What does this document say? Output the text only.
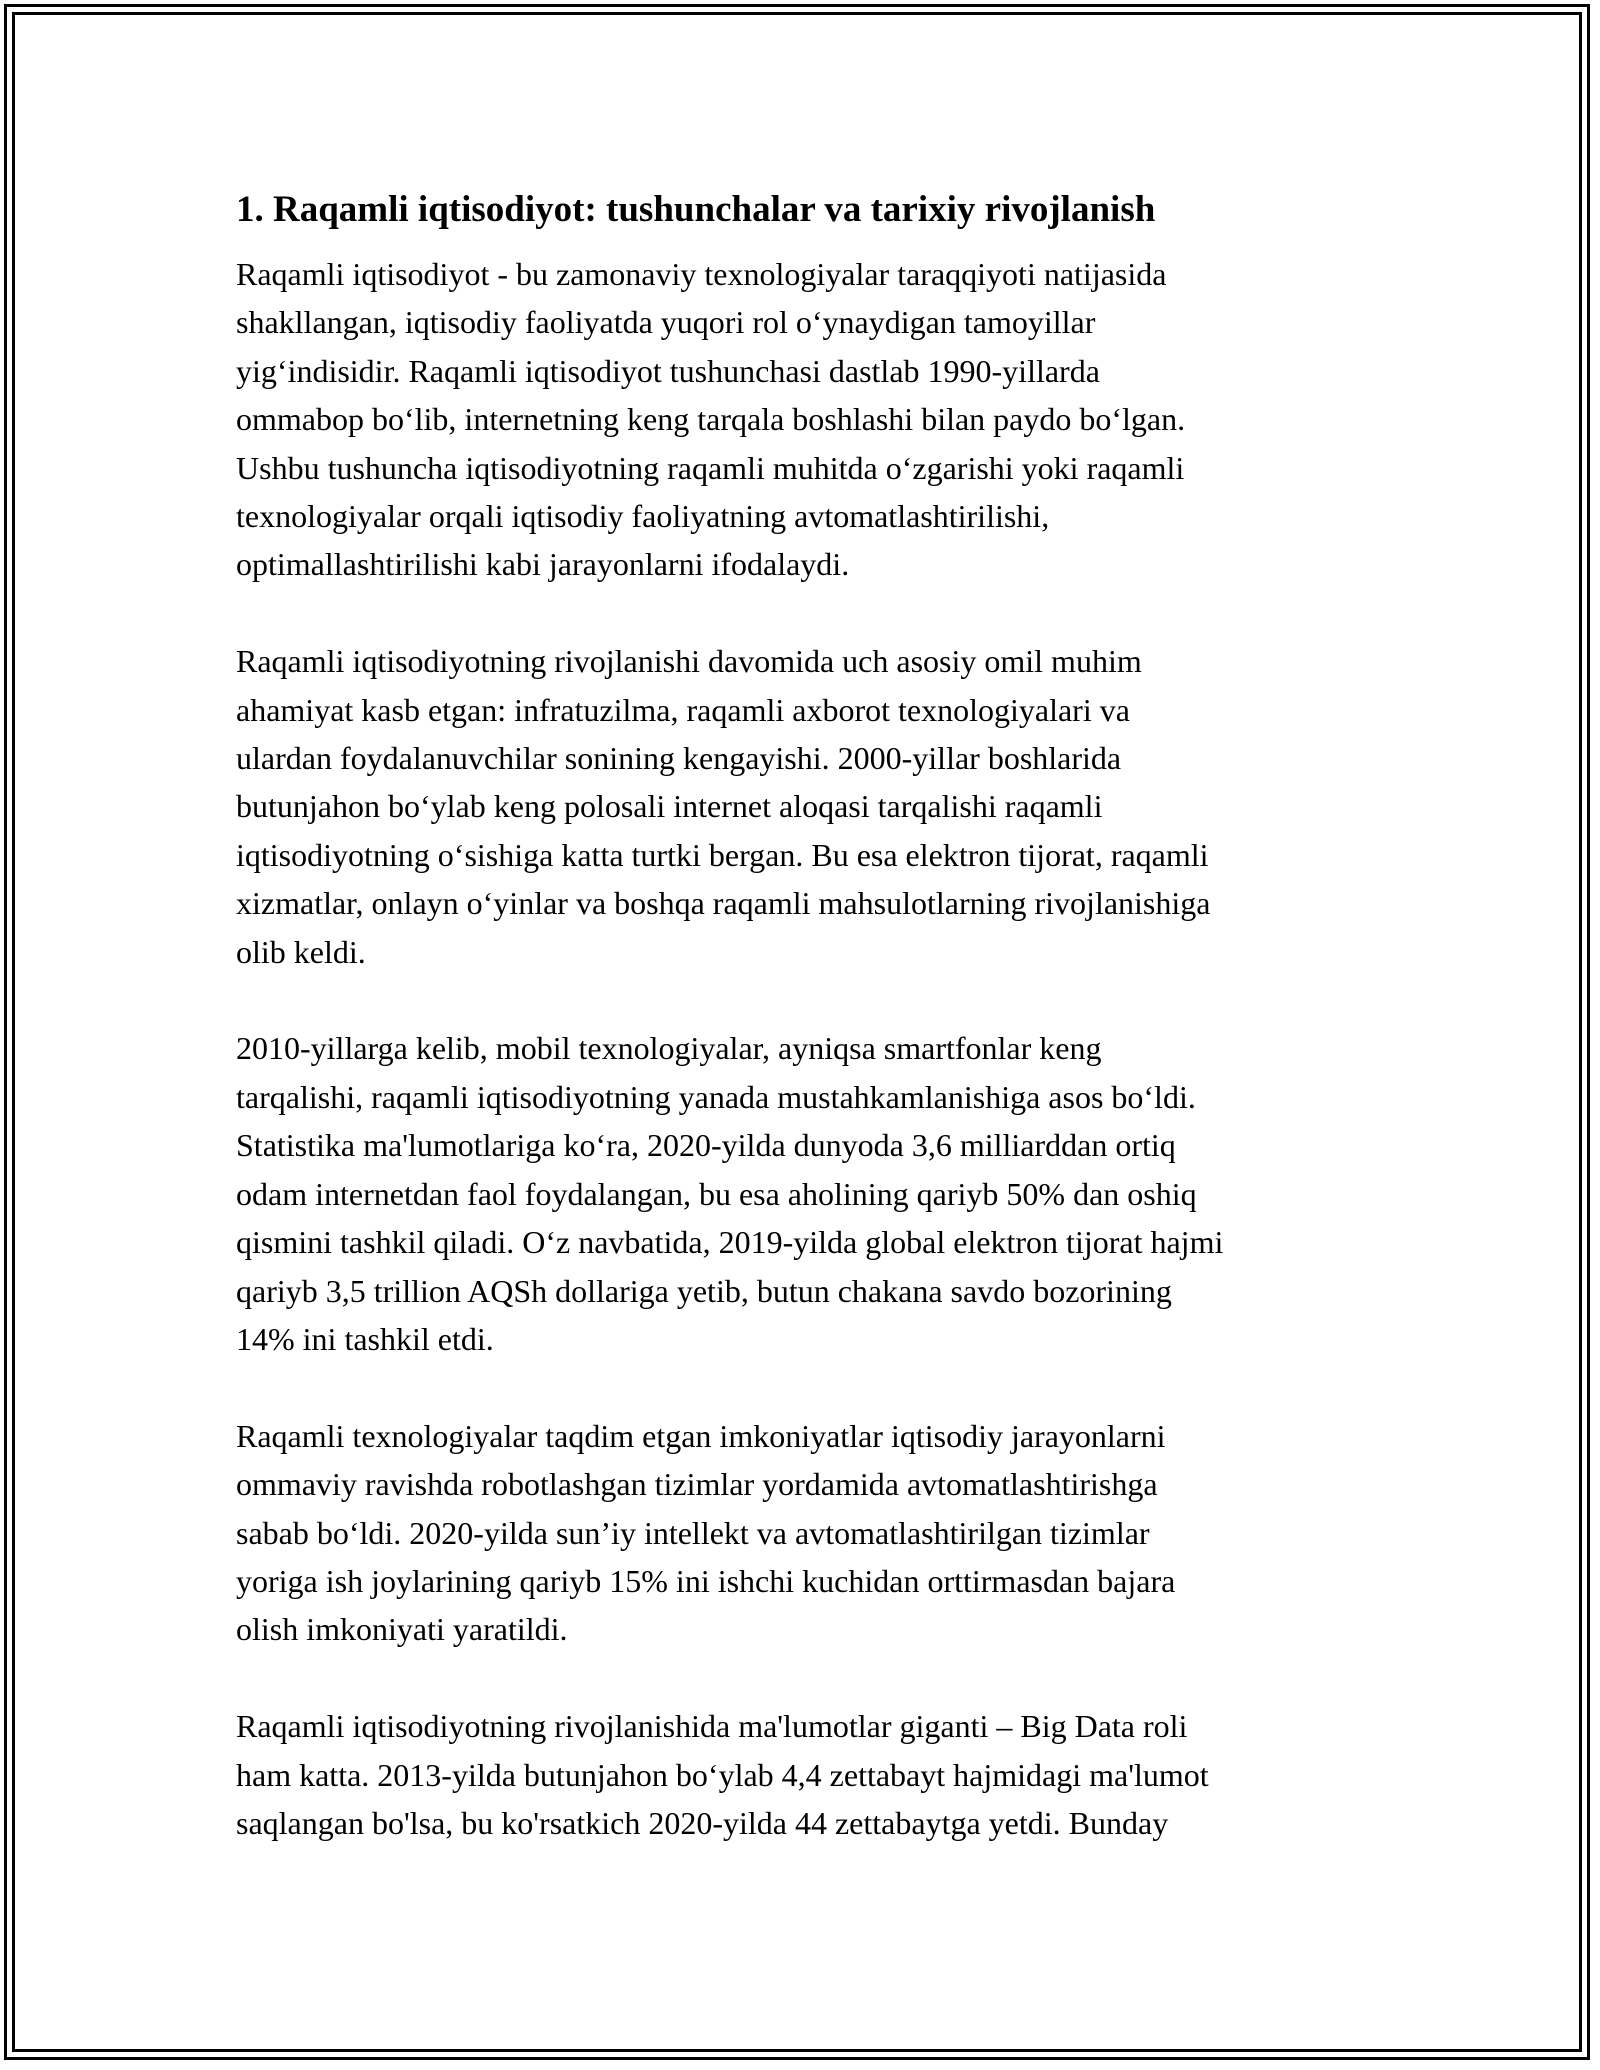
1. Raqamli iqtisodiyot: tushunchalar va tarixiy rivojlanish

Raqamli iqtisodiyot - bu zamonaviy texnologiyalar taraqqiyoti natijasida
shakllangan, iqtisodiy faoliyatda yuqori rol o‘ynaydigan tamoyillar
yig‘indisidir. Raqamli iqtisodiyot tushunchasi dastlab 1990-yillarda
ommabop bo‘lib, internetning keng tarqala boshlashi bilan paydo bo‘lgan.
Ushbu tushuncha iqtisodiyotning raqamli muhitda o‘zgarishi yoki raqamli
texnologiyalar orqali iqtisodiy faoliyatning avtomatlashtirilishi,
optimallashtirilishi kabi jarayonlarni ifodalaydi.

Raqamli iqtisodiyotning rivojlanishi davomida uch asosiy omil muhim
ahamiyat kasb etgan: infratuzilma, raqamli axborot texnologiyalari va
ulardan foydalanuvchilar sonining kengayishi. 2000-yillar boshlarida
butunjahon bo‘ylab keng polosali internet aloqasi tarqalishi raqamli
iqtisodiyotning o‘sishiga katta turtki bergan. Bu esa elektron tijorat, raqamli
xizmatlar, onlayn o‘yinlar va boshqa raqamli mahsulotlarning rivojlanishiga
olib keldi.

2010-yillarga kelib, mobil texnologiyalar, ayniqsa smartfonlar keng
tarqalishi, raqamli iqtisodiyotning yanada mustahkamlanishiga asos bo‘ldi.
Statistika ma'lumotlariga ko‘ra, 2020-yilda dunyoda 3,6 milliarddan ortiq
odam internetdan faol foydalangan, bu esa aholining qariyb 50% dan oshiq
qismini tashkil qiladi. O‘z navbatida, 2019-yilda global elektron tijorat hajmi
qariyb 3,5 trillion AQSh dollariga yetib, butun chakana savdo bozorining
14% ini tashkil etdi.

Raqamli texnologiyalar taqdim etgan imkoniyatlar iqtisodiy jarayonlarni
ommaviy ravishda robotlashgan tizimlar yordamida avtomatlashtirishga
sabab bo‘ldi. 2020-yilda sun’iy intellekt va avtomatlashtirilgan tizimlar
yoriga ish joylarining qariyb 15% ini ishchi kuchidan orttirmasdan bajara
olish imkoniyati yaratildi.

Raqamli iqtisodiyotning rivojlanishida ma'lumotlar giganti – Big Data roli
ham katta. 2013-yilda butunjahon bo‘ylab 4,4 zettabayt hajmidagi ma'lumot
saqlangan bo'lsa, bu ko'rsatkich 2020-yilda 44 zettabaytga yetdi. Bunday
